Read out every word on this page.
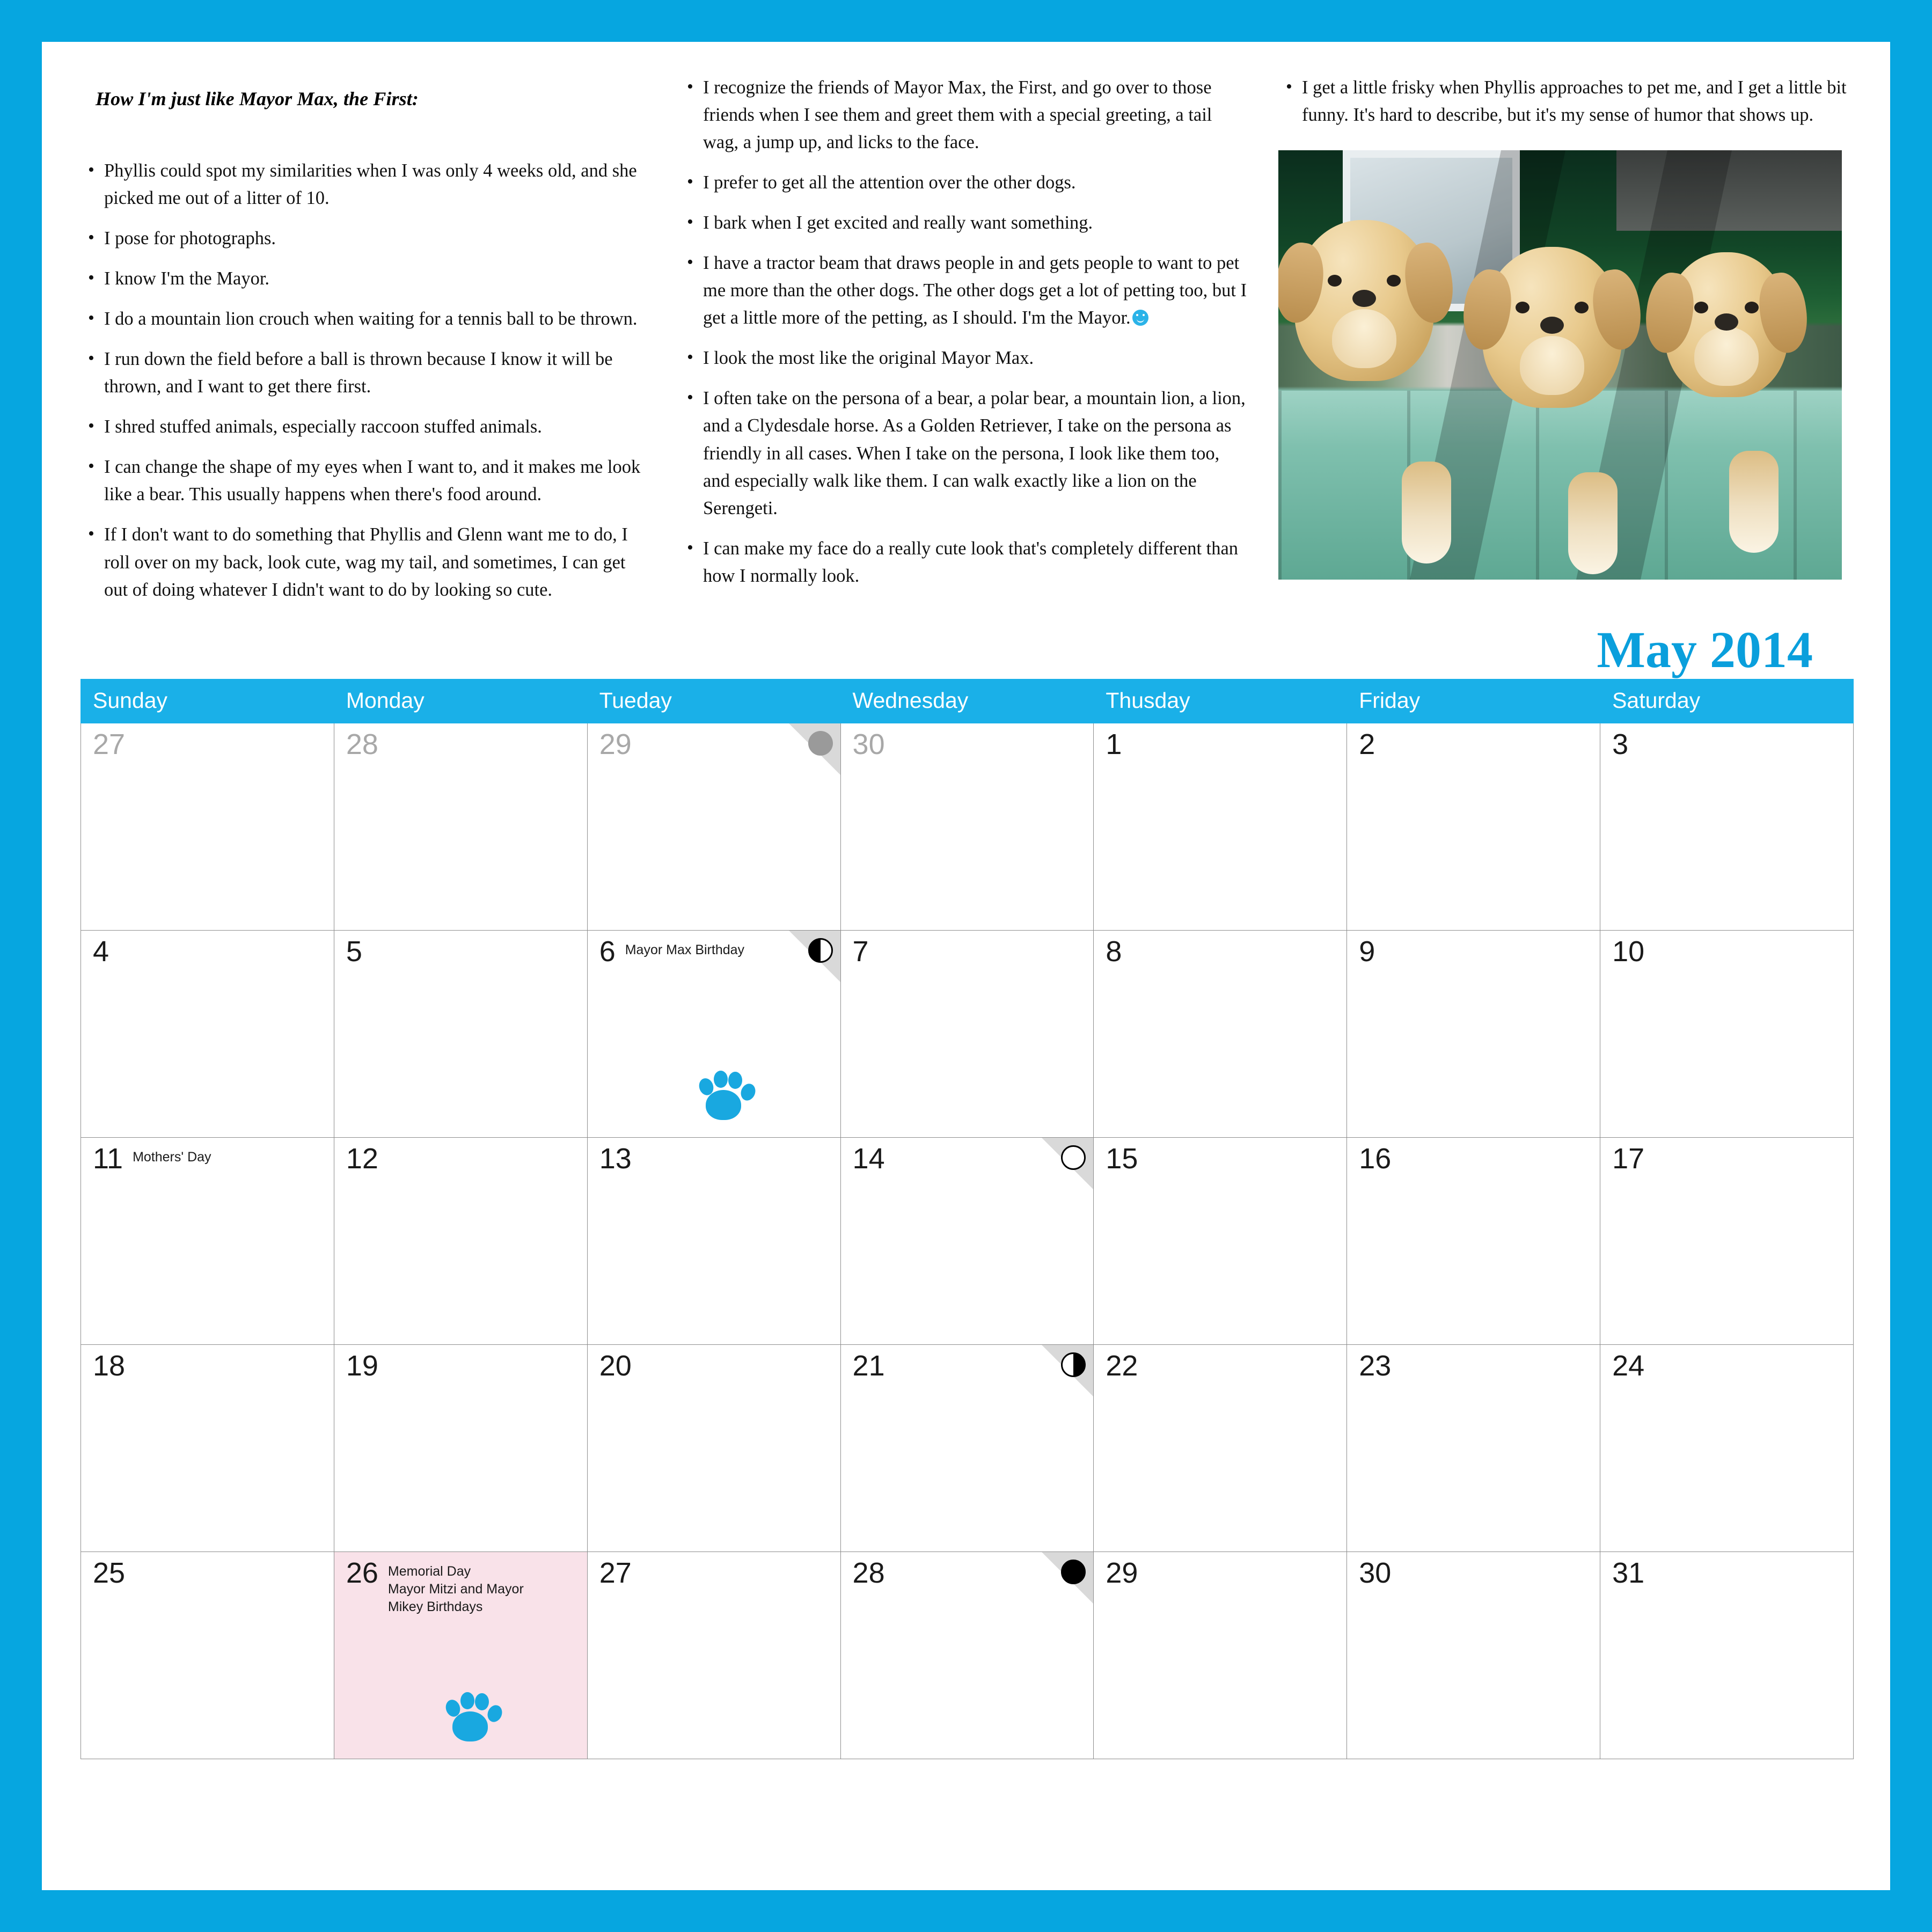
How I'm just like Mayor Max, the First:
• Phyllis could spot my similarities when I was only 4 weeks old, and she picked me out of a litter of 10.
• I pose for photographs.
• I know I'm the Mayor.
• I do a mountain lion crouch when waiting for a tennis ball to be thrown.
• I run down the field before a ball is thrown because I know it will be thrown, and I want to get there first.
• I shred stuffed animals, especially raccoon stuffed animals.
• I can change the shape of my eyes when I want to, and it makes me look like a bear. This usually happens when there's food around.
• If I don't want to do something that Phyllis and Glenn want me to do, I roll over on my back, look cute, wag my tail, and sometimes, I can get out of doing whatever I didn't want to do by looking so cute.
• I recognize the friends of Mayor Max, the First, and go over to those friends when I see them and greet them with a special greeting, a tail wag, a jump up, and licks to the face.
• I prefer to get all the attention over the other dogs.
• I bark when I get excited and really want something.
• I have a tractor beam that draws people in and gets people to want to pet me more than the other dogs. The other dogs get a lot of petting too, but I get a little more of the petting, as I should. I'm the Mayor.
• I look the most like the original Mayor Max.
• I often take on the persona of a bear, a polar bear, a mountain lion, a lion, and a Clydesdale horse. As a Golden Retriever, I take on the persona as friendly in all cases. When I take on the persona, I look like them too, and especially walk like them. I can walk exactly like a lion on the Serengeti.
• I can make my face do a really cute look that's completely different than how I normally look.
• I get a little frisky when Phyllis approaches to pet me, and I get a little bit funny. It's hard to describe, but it's my sense of humor that shows up.
May 2014
Sunday	Monday	Tueday	Wednesday	Thusday	Friday	Saturday

27	28	29	30	1	2	3

4	5	6 Mayor Max Birthday	7	8	9	10

11 Mothers' Day	12	13	14	15	16	17

18	19	20	21	22	23	24

25	26 Memorial Day
Mayor Mitzi and Mayor Mikey Birthdays	27	28	29	30	31
